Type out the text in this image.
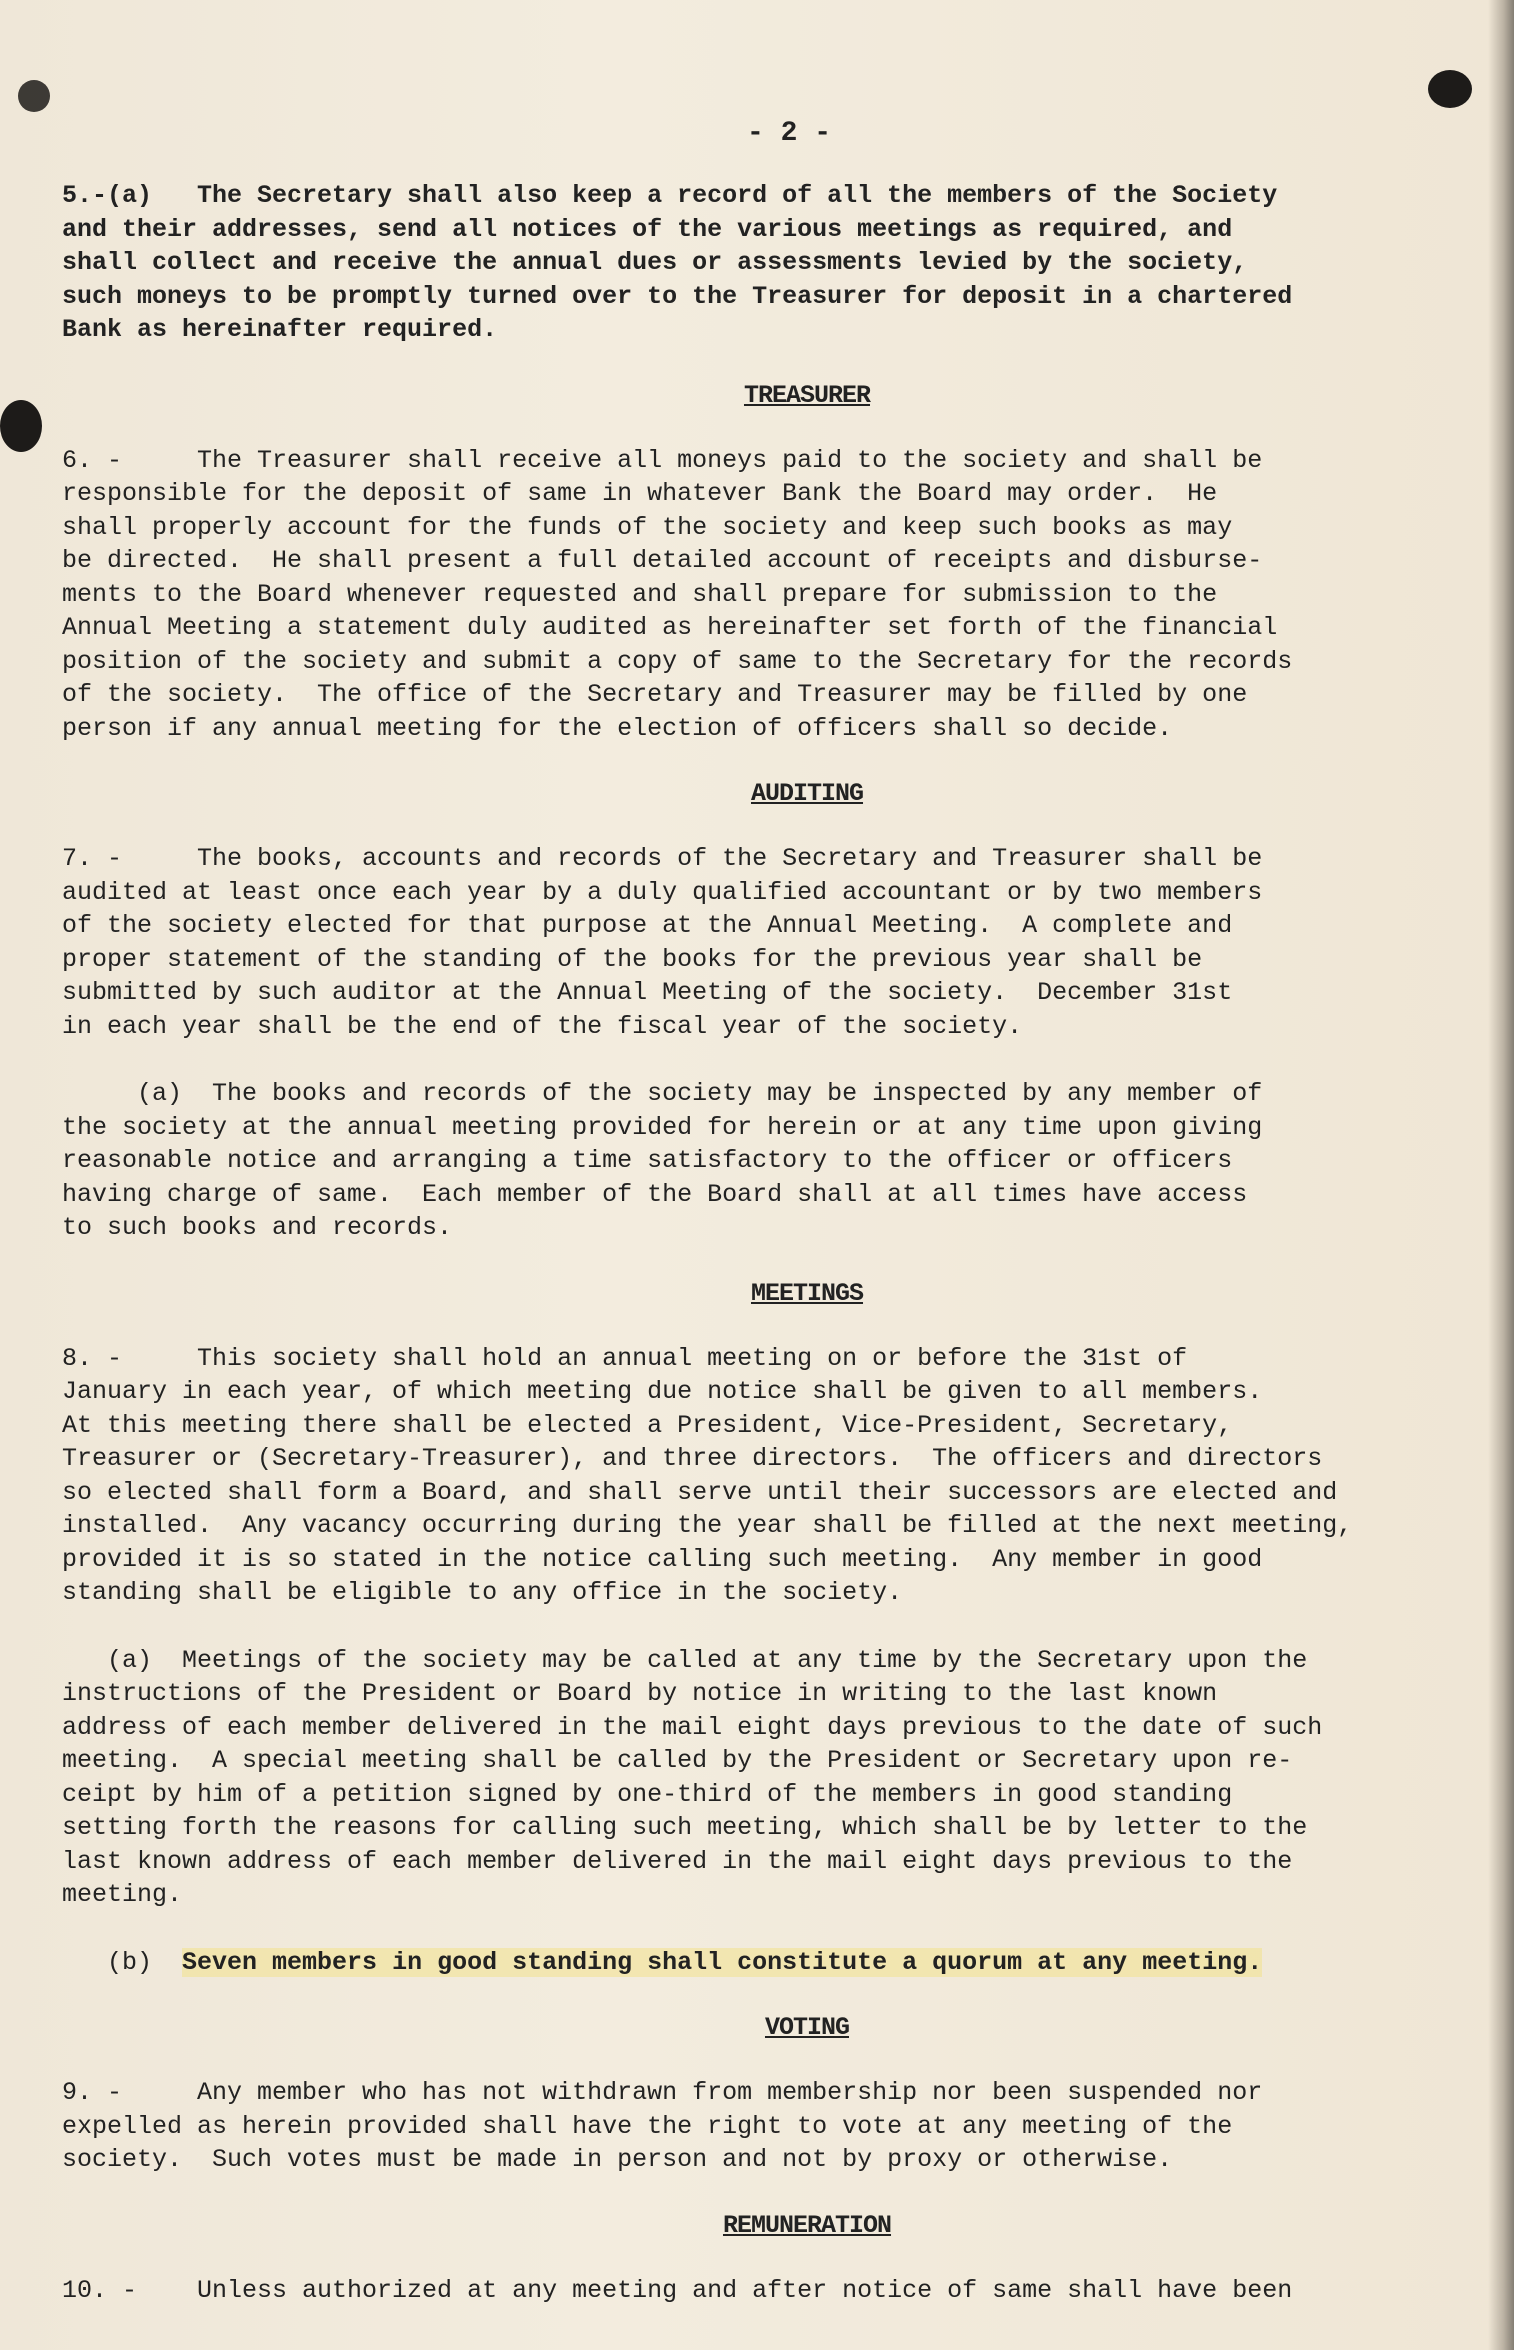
- 2 -

5.-(a)   The Secretary shall also keep a record of all the members of the Society
and their addresses, send all notices of the various meetings as required, and
shall collect and receive the annual dues or assessments levied by the society,
such moneys to be promptly turned over to the Treasurer for deposit in a chartered
Bank as hereinafter required.

TREASURER

6. -     The Treasurer shall receive all moneys paid to the society and shall be
responsible for the deposit of same in whatever Bank the Board may order.  He
shall properly account for the funds of the society and keep such books as may
be directed.  He shall present a full detailed account of receipts and disburse-
ments to the Board whenever requested and shall prepare for submission to the
Annual Meeting a statement duly audited as hereinafter set forth of the financial
position of the society and submit a copy of same to the Secretary for the records
of the society.  The office of the Secretary and Treasurer may be filled by one
person if any annual meeting for the election of officers shall so decide.

AUDITING

7. -     The books, accounts and records of the Secretary and Treasurer shall be
audited at least once each year by a duly qualified accountant or by two members
of the society elected for that purpose at the Annual Meeting.  A complete and
proper statement of the standing of the books for the previous year shall be
submitted by such auditor at the Annual Meeting of the society.  December 31st
in each year shall be the end of the fiscal year of the society.

(a)  The books and records of the society may be inspected by any member of
the society at the annual meeting provided for herein or at any time upon giving
reasonable notice and arranging a time satisfactory to the officer or officers
having charge of same.  Each member of the Board shall at all times have access
to such books and records.

MEETINGS

8. -     This society shall hold an annual meeting on or before the 31st of
January in each year, of which meeting due notice shall be given to all members.
At this meeting there shall be elected a President, Vice-President, Secretary,
Treasurer or (Secretary-Treasurer), and three directors.  The officers and directors
so elected shall form a Board, and shall serve until their successors are elected and
installed.  Any vacancy occurring during the year shall be filled at the next meeting,
provided it is so stated in the notice calling such meeting.  Any member in good
standing shall be eligible to any office in the society.

(a)  Meetings of the society may be called at any time by the Secretary upon the
instructions of the President or Board by notice in writing to the last known
address of each member delivered in the mail eight days previous to the date of such
meeting.  A special meeting shall be called by the President or Secretary upon re-
ceipt by him of a petition signed by one-third of the members in good standing
setting forth the reasons for calling such meeting, which shall be by letter to the
last known address of each member delivered in the mail eight days previous to the
meeting.

(b)  Seven members in good standing shall constitute a quorum at any meeting.

VOTING

9. -     Any member who has not withdrawn from membership nor been suspended nor
expelled as herein provided shall have the right to vote at any meeting of the
society.  Such votes must be made in person and not by proxy or otherwise.

REMUNERATION

10. -    Unless authorized at any meeting and after notice of same shall have been
